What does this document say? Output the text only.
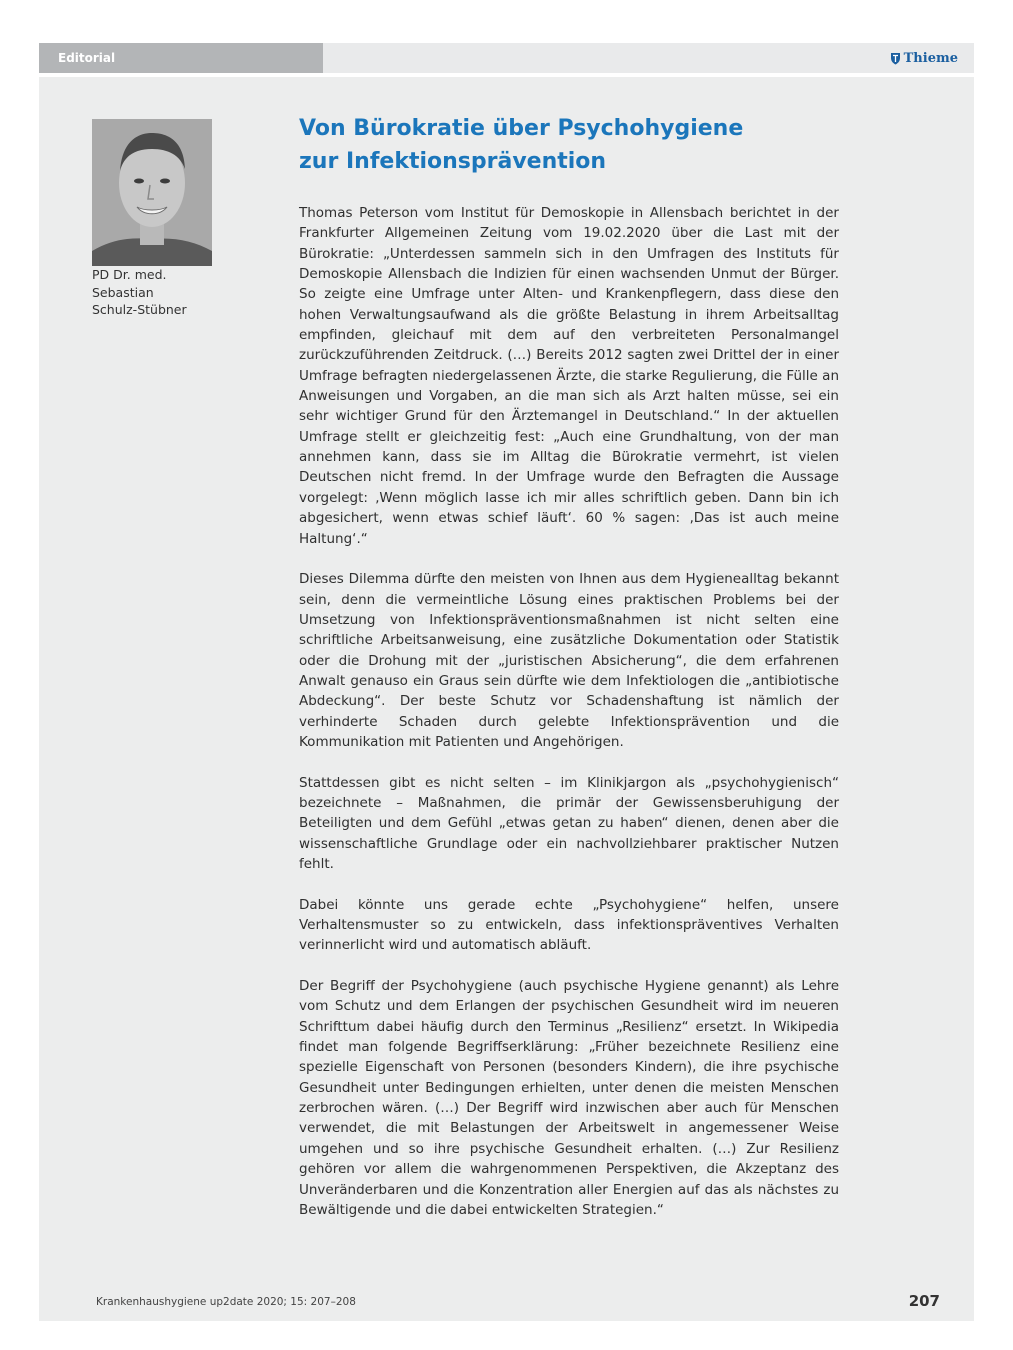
Editorial	Thieme
PD Dr. med.
Sebastian
Schulz-Stübner
Von Bürokratie über Psychohygiene
zur Infektionsprävention

Thomas Peterson vom Institut für Demoskopie in Allensbach berichtet in der Frankfurter Allgemeinen Zeitung vom 19.02.2020 über die Last mit der Bürokratie: „Unterdessen sammeln sich in den Umfragen des Instituts für Demoskopie Allensbach die Indizien für einen wachsenden Unmut der Bürger. So zeigte eine Umfrage unter Alten- und Krankenpflegern, dass diese den hohen Verwaltungsaufwand als die größte Belastung in ihrem Arbeitsalltag empfinden, gleichauf mit dem auf den verbreiteten Personalmangel zurückzuführenden Zeitdruck. (…) Bereits 2012 sagten zwei Drittel der in einer Umfrage befragten niedergelassenen Ärzte, die starke Regulierung, die Fülle an Anweisungen und Vorgaben, an die man sich als Arzt halten müsse, sei ein sehr wichtiger Grund für den Ärztemangel in Deutschland.“ In der aktuellen Umfrage stellt er gleichzeitig fest: „Auch eine Grundhaltung, von der man annehmen kann, dass sie im Alltag die Bürokratie vermehrt, ist vielen Deutschen nicht fremd. In der Umfrage wurde den Befragten die Aussage vorgelegt: ‚Wenn möglich lasse ich mir alles schriftlich geben. Dann bin ich abgesichert, wenn etwas schief läuft‘. 60 % sagen: ‚Das ist auch meine Haltung‘.“

Dieses Dilemma dürfte den meisten von Ihnen aus dem Hygienealltag bekannt sein, denn die vermeintliche Lösung eines praktischen Problems bei der Umsetzung von Infektionspräventionsmaßnahmen ist nicht selten eine schriftliche Arbeitsanweisung, eine zusätzliche Dokumentation oder Statistik oder die Drohung mit der „juristischen Absicherung“, die dem erfahrenen Anwalt genauso ein Graus sein dürfte wie dem Infektiologen die „antibiotische Abdeckung“. Der beste Schutz vor Schadenshaftung ist nämlich der verhinderte Schaden durch gelebte Infektionsprävention und die Kommunikation mit Patienten und Angehörigen.

Stattdessen gibt es nicht selten – im Klinikjargon als „psychohygienisch“ bezeichnete – Maßnahmen, die primär der Gewissensberuhigung der Beteiligten und dem Gefühl „etwas getan zu haben“ dienen, denen aber die wissenschaftliche Grundlage oder ein nachvollziehbarer praktischer Nutzen fehlt.

Dabei könnte uns gerade echte „Psychohygiene“ helfen, unsere Verhaltensmuster so zu entwickeln, dass infektionspräventives Verhalten verinnerlicht wird und automatisch abläuft.

Der Begriff der Psychohygiene (auch psychische Hygiene genannt) als Lehre vom Schutz und dem Erlangen der psychischen Gesundheit wird im neueren Schrifttum dabei häufig durch den Terminus „Resilienz“ ersetzt. In Wikipedia findet man folgende Begriffserklärung: „Früher bezeichnete Resilienz eine spezielle Eigenschaft von Personen (besonders Kindern), die ihre psychische Gesundheit unter Bedingungen erhielten, unter denen die meisten Menschen zerbrochen wären. (…) Der Begriff wird inzwischen aber auch für Menschen verwendet, die mit Belastungen der Arbeitswelt in angemessener Weise umgehen und so ihre psychische Gesundheit erhalten. (…) Zur Resilienz gehören vor allem die wahrgenommenen Perspektiven, die Akzeptanz des Unveränderbaren und die Konzentration aller Energien auf das als nächstes zu Bewältigende und die dabei entwickelten Strategien.“

Krankenhaushygiene up2date 2020; 15: 207–208	207
